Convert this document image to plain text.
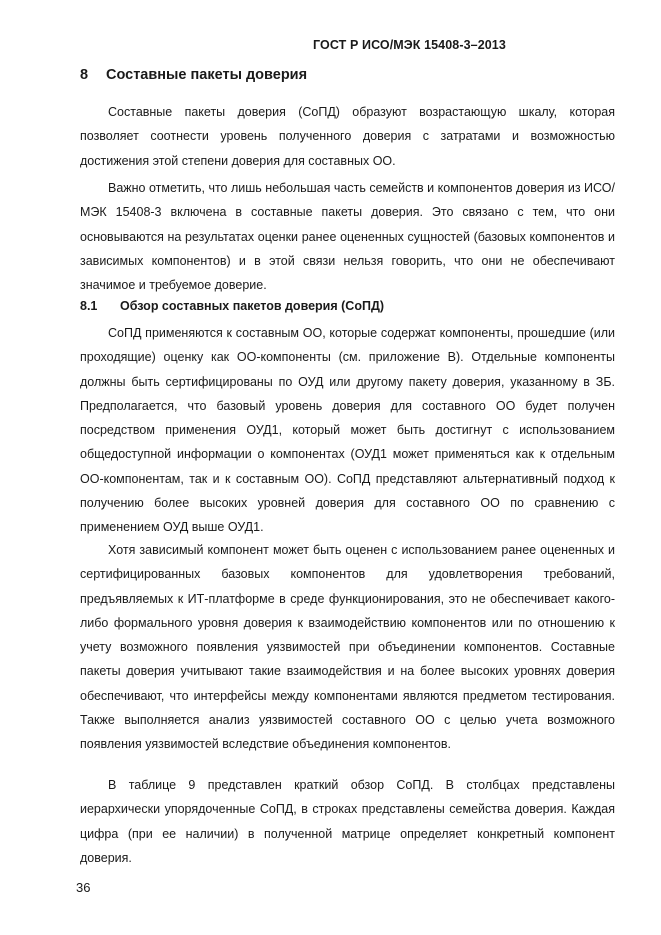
ГОСТ Р ИСО/МЭК 15408-3–2013
8 Составные пакеты доверия

Составные пакеты доверия (CoПД) образуют возрастающую шкалу, которая позволяет соотнести уровень полученного доверия с затратами и возможностью достижения этой степени доверия для составных ОО.

Важно отметить, что лишь небольшая часть семейств и компонентов доверия из ИСО/МЭК 15408-3 включена в составные пакеты доверия. Это связано с тем, что они основываются на результатах оценки ранее оцененных сущностей (базовых компонентов и зависимых компонентов) и в этой связи нельзя говорить, что они не обеспечивают значимое и требуемое доверие.

8.1 Обзор составных пакетов доверия (CoПД)

CoПД применяются к составным ОО, которые содержат компоненты, прошедшие (или проходящие) оценку как ОО-компоненты (см. приложение В). Отдельные компоненты должны быть сертифицированы по ОУД или другому пакету доверия, указанному в ЗБ. Предполагается, что базовый уровень доверия для составного ОО будет получен посредством применения ОУД1, который может быть достигнут с использованием общедоступной информации о компонентах (ОУД1 может применяться как к отдельным ОО-компонентам, так и к составным ОО). CoПД представляют альтернативный подход к получению более высоких уровней доверия для составного ОО по сравнению с применением ОУД выше ОУД1.

Хотя зависимый компонент может быть оценен с использованием ранее оцененных и сертифицированных базовых компонентов для удовлетворения требований, предъявляемых к ИТ-платформе в среде функционирования, это не обеспечивает какого-либо формального уровня доверия к взаимодействию компонентов или по отношению к учету возможного появления уязвимостей при объединении компонентов. Составные пакеты доверия учитывают такие взаимодействия и на более высоких уровнях доверия обеспечивают, что интерфейсы между компонентами являются предметом тестирования. Также выполняется анализ уязвимостей составного ОО с целью учета возможного появления уязвимостей вследствие объединения компонентов.

В таблице 9 представлен краткий обзор CoПД. В столбцах представлены иерархически упорядоченные CoПД, в строках представлены семейства доверия. Каждая цифра (при ее наличии) в полученной матрице определяет конкретный компонент доверия.

36
